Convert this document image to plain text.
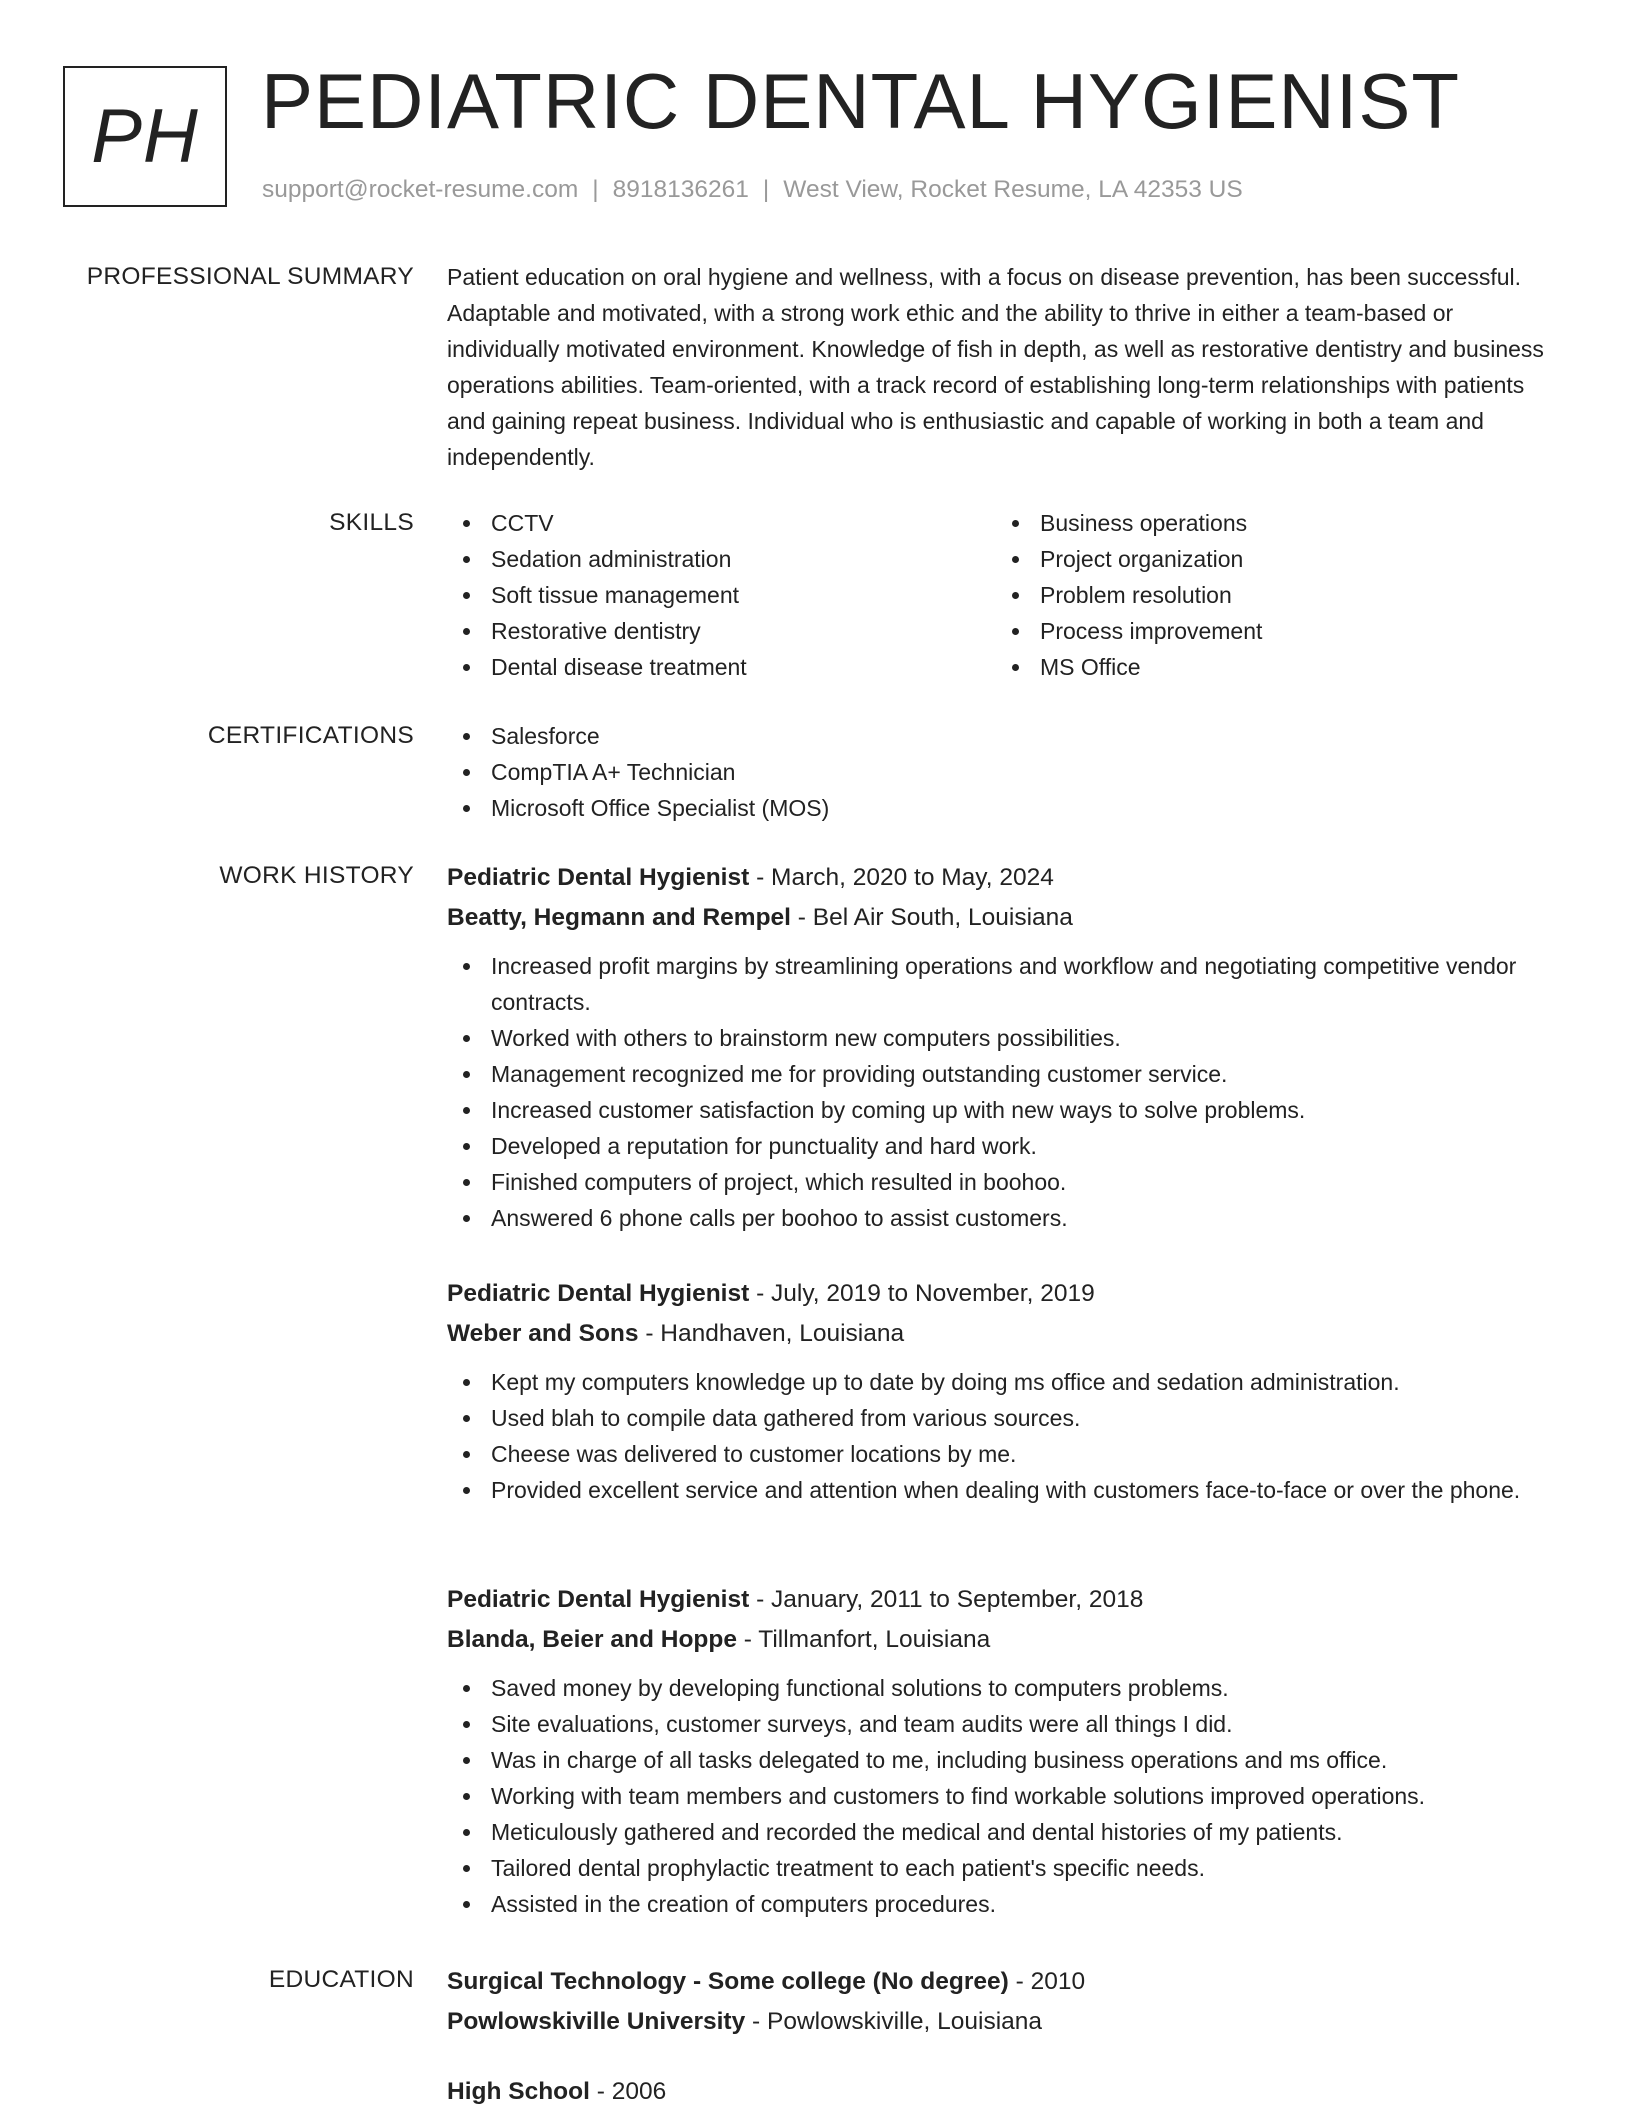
PH PEDIATRIC DENTAL HYGIENIST
support@rocket-resume.com | 8918136261 | West View, Rocket Resume, LA 42353 US
PROFESSIONAL SUMMARY Patient education on oral hygiene and wellness, with a focus on disease prevention, has been successful. Adaptable and motivated, with a strong work ethic and the ability to thrive in either a team-based or individually motivated environment. Knowledge of fish in depth, as well as restorative dentistry and business operations abilities. Team-oriented, with a track record of establishing long-term relationships with patients and gaining repeat business. Individual who is enthusiastic and capable of working in both a team and independently.

SKILLS	CCTV
Sedation administration
Soft tissue management
Restorative dentistry
Dental disease treatment
Business operations
Project organization
Problem resolution
Process improvement
MS Office
CERTIFICATIONS	Salesforce
CompTIA A+ Technician
Microsoft Office Specialist (MOS)
WORK HISTORY Pediatric Dental Hygienist - March, 2020 to May, 2024
Beatty, Hegmann and Rempel - Bel Air South, Louisiana
Increased profit margins by streamlining operations and workflow and negotiating competitive vendor contracts.
Worked with others to brainstorm new computers possibilities.
Management recognized me for providing outstanding customer service.
Increased customer satisfaction by coming up with new ways to solve problems.
Developed a reputation for punctuality and hard work.
Finished computers of project, which resulted in boohoo.
Answered 6 phone calls per boohoo to assist customers.
Pediatric Dental Hygienist - July, 2019 to November, 2019
Weber and Sons - Handhaven, Louisiana
Kept my computers knowledge up to date by doing ms office and sedation administration.
Used blah to compile data gathered from various sources.
Cheese was delivered to customer locations by me.
Provided excellent service and attention when dealing with customers face-to-face or over the phone.
Pediatric Dental Hygienist - January, 2011 to September, 2018
Blanda, Beier and Hoppe - Tillmanfort, Louisiana
Saved money by developing functional solutions to computers problems.
Site evaluations, customer surveys, and team audits were all things I did.
Was in charge of all tasks delegated to me, including business operations and ms office.
Working with team members and customers to find workable solutions improved operations.
Meticulously gathered and recorded the medical and dental histories of my patients.
Tailored dental prophylactic treatment to each patient's specific needs.
Assisted in the creation of computers procedures.
EDUCATION Surgical Technology - Some college (No degree) - 2010
Powlowskiville University - Powlowskiville, Louisiana
High School - 2006
